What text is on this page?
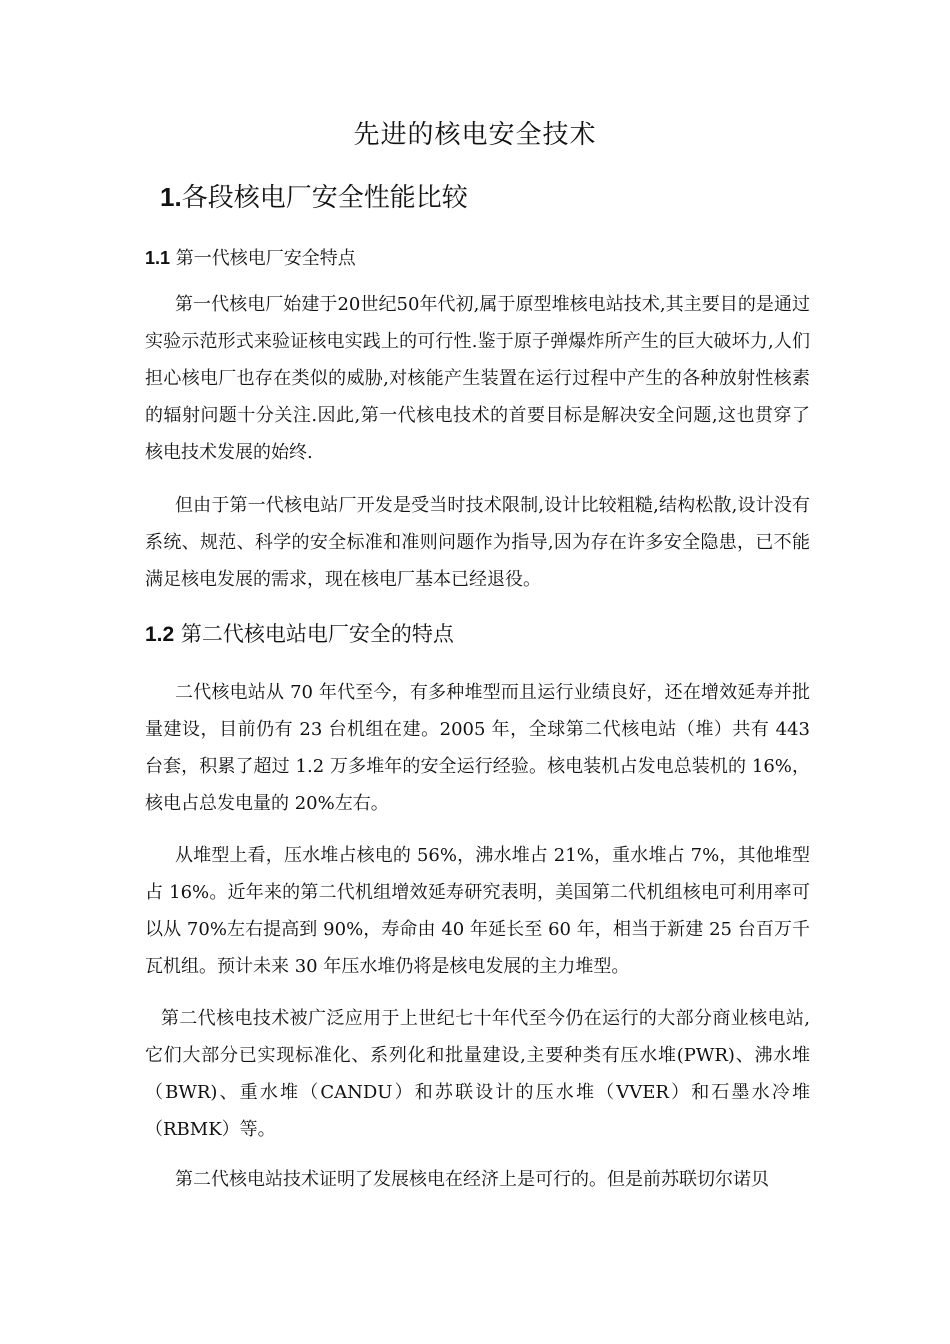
先进的核电安全技术
1.各段核电厂安全性能比较
1.1 第一代核电厂安全特点

第一代核电厂始建于20世纪50年代初,属于原型堆核电站技术,其主要目的是通过实验示范形式来验证核电实践上的可行性.鉴于原子弹爆炸所产生的巨大破坏力,人们担心核电厂也存在类似的威胁,对核能产生装置在运行过程中产生的各种放射性核素的辐射问题十分关注.因此,第一代核电技术的首要目标是解决安全问题,这也贯穿了核电技术发展的始终.

但由于第一代核电站厂开发是受当时技术限制,设计比较粗糙,结构松散,设计没有系统、规范、科学的安全标准和准则问题作为指导,因为存在许多安全隐患，已不能满足核电发展的需求，现在核电厂基本已经退役。

1.2 第二代核电站电厂安全的特点

二代核电站从 70 年代至今，有多种堆型而且运行业绩良好，还在增效延寿并批量建设，目前仍有 23 台机组在建。2005 年，全球第二代核电站（堆）共有 443 台套，积累了超过 1.2 万多堆年的安全运行经验。核电装机占发电总装机的 16%，核电占总发电量的 20%左右。

从堆型上看，压水堆占核电的 56%，沸水堆占 21%，重水堆占 7%，其他堆型占 16%。近年来的第二代机组增效延寿研究表明，美国第二代机组核电可利用率可以从 70%左右提高到 90%，寿命由 40 年延长至 60 年，相当于新建 25 台百万千瓦机组。预计未来 30 年压水堆仍将是核电发展的主力堆型。

第二代核电技术被广泛应用于上世纪七十年代至今仍在运行的大部分商业核电站,它们大部分已实现标准化、系列化和批量建设,主要种类有压水堆(PWR)、沸水堆（BWR)、重水堆（CANDU）和苏联设计的压水堆（VVER）和石墨水冷堆（RBMK）等。

第二代核电站技术证明了发展核电在经济上是可行的。但是前苏联切尔诺贝
